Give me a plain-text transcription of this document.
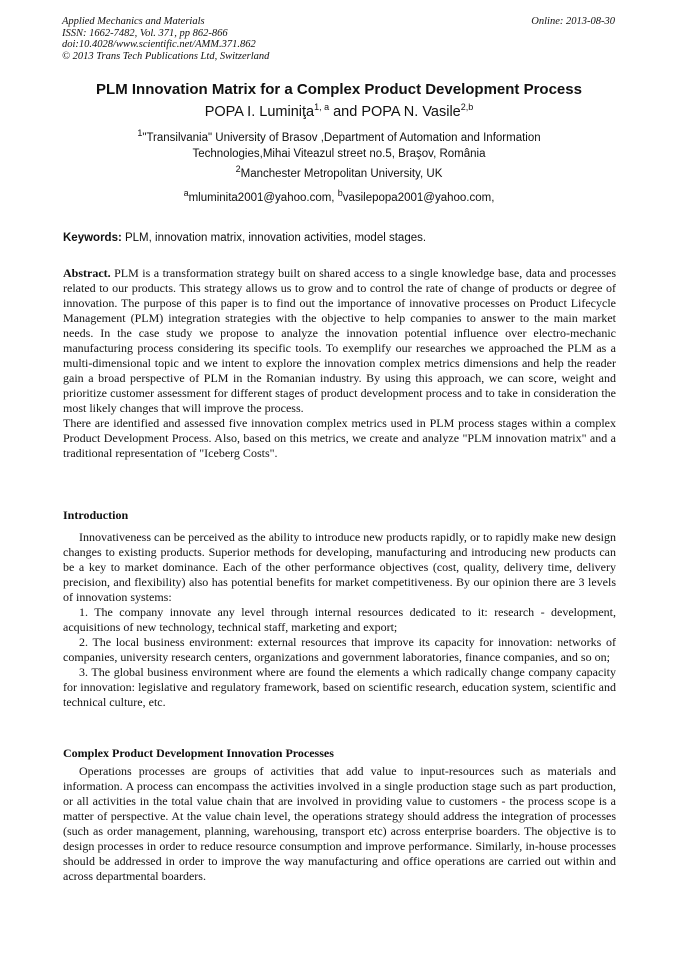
Applied Mechanics and Materials
ISSN: 1662-7482, Vol. 371, pp 862-866
doi:10.4028/www.scientific.net/AMM.371.862
© 2013 Trans Tech Publications Ltd, Switzerland
Online: 2013-08-30
PLM Innovation Matrix for a Complex Product Development Process
POPA I. Luminiţa$^{1, a}$ and POPA N. Vasile$^{2,b}$
$^1$"Transilvania" University of Brasov ,Department of Automation and Information
Technologies,Mihai Viteazul street no.5, Braşov, România
$^2$Manchester Metropolitan University, UK
$^a$mluminita2001@yahoo.com, $^b$vasilepopa2001@yahoo.com,
Keywords: PLM, innovation matrix, innovation activities, model stages.

Abstract. PLM is a transformation strategy built on shared access to a single knowledge base, data and processes related to our products. This strategy allows us to grow and to control the rate of change of products or degree of innovation. The purpose of this paper is to find out the importance of innovative processes on Product Lifecycle Management (PLM) integration strategies with the objective to help companies to answer to the main market needs. In the case study we propose to analyze the innovation potential influence over electro-mechanic manufacturing process considering its specific tools. To exemplify our researches we approached the PLM as a multi-dimensional topic and we intent to explore the innovation complex metrics dimensions and help the reader gain a broad perspective of PLM in the Romanian industry. By using this approach, we can score, weight and prioritize customer assessment for different stages of product development process and to take in consideration the most likely changes that will improve the process.

There are identified and assessed five innovation complex metrics used in PLM process stages within a complex Product Development Process. Also, based on this metrics, we create and analyze "PLM innovation matrix" and a traditional representation of "Iceberg Costs".

Introduction

Innovativeness can be perceived as the ability to introduce new products rapidly, or to rapidly make new design changes to existing products. Superior methods for developing, manufacturing and introducing new products can be a key to market dominance. Each of the other performance objectives (cost, quality, delivery time, delivery precision, and flexibility) also has potential benefits for market competitiveness. By our opinion there are 3 levels of innovation systems:

1. The company innovate any level through internal resources dedicated to it: research - development, acquisitions of new technology, technical staff, marketing and export;

2. The local business environment: external resources that improve its capacity for innovation: networks of companies, university research centers, organizations and government laboratories, finance companies, and so on;

3. The global business environment where are found the elements a which radically change company capacity for innovation: legislative and regulatory framework, based on scientific research, education system, scientific and technical culture, etc.

Complex Product Development Innovation Processes

Operations processes are groups of activities that add value to input-resources such as materials and information. A process can encompass the activities involved in a single production stage such as part production, or all activities in the total value chain that are involved in providing value to customers - the process scope is a matter of perspective. At the value chain level, the operations strategy should address the integration of processes (such as order management, planning, warehousing, transport etc) across enterprise boarders. The objective is to design processes in order to reduce resource consumption and improve performance. Similarly, in-house processes should be addressed in order to improve the way manufacturing and office operations are carried out within and across departmental boarders.
